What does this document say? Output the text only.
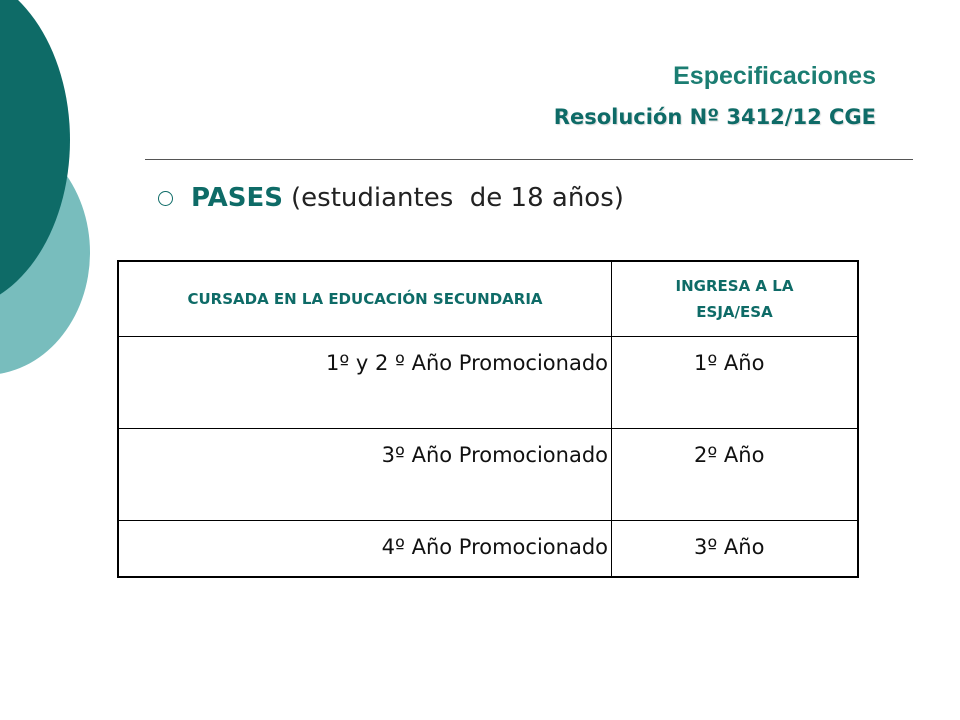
Especificaciones
Resolución Nº 3412/12 CGE
PASES (estudiantes  de 18 años)
CURSADA EN LA EDUCACIÓN SECUNDARIA	INGRESA A LA ESJA/ESA

1º y 2 º Año Promocionado	1º Año
3º Año Promocionado	2º Año
4º Año Promocionado	3º Año
